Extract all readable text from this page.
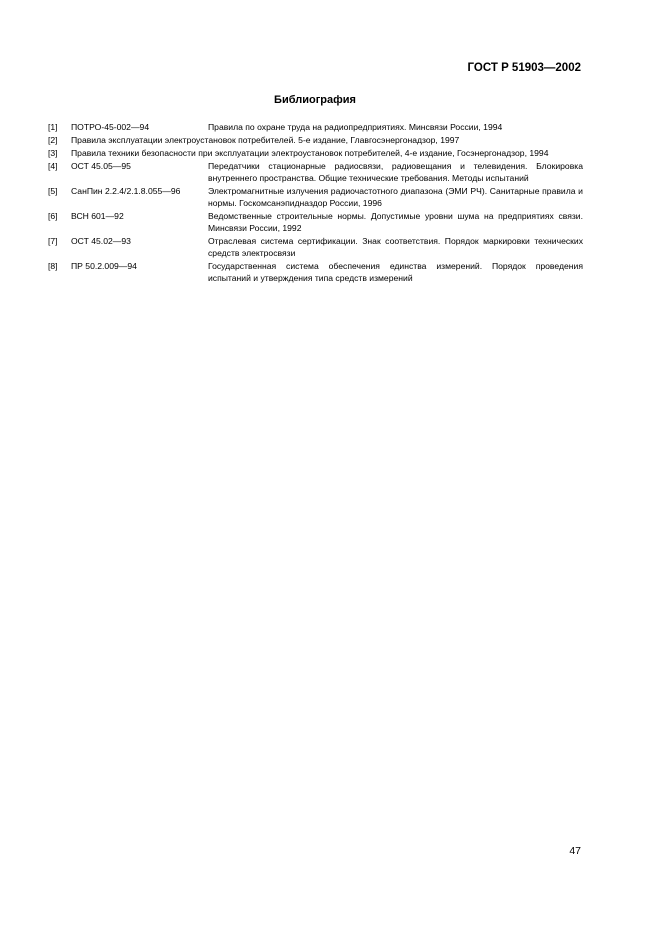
ГОСТ Р 51903—2002
Библиография
[1]	ПОТРО-45-002—94	Правила по охране труда на радиопредприятиях. Минсвязи России, 1994
[2]	Правила эксплуатации электроустановок потребителей. 5-е издание, Главгосэнергонадзор, 1997
[3]	Правила техники безопасности при эксплуатации электроустановок потребителей, 4-е издание, Госэнергонадзор, 1994
[4]	ОСТ 45.05—95	Передатчики стационарные радиосвязи, радиовещания и телевидения. Блокировка внутреннего пространства. Общие технические требования. Методы испытаний
[5]	СанПин 2.2.4/2.1.8.055—96	Электромагнитные излучения радиочастотного диапазона (ЭМИ РЧ). Санитарные правила и нормы. Госкомсанэпидназдор России, 1996
[6]	ВСН 601—92	Ведомственные строительные нормы. Допустимые уровни шума на предприятиях связи. Минсвязи России, 1992
[7]	ОСТ 45.02—93	Отраслевая система сертификации. Знак соответствия. Порядок маркировки технических средств электросвязи
[8]	ПР 50.2.009—94	Государственная система обеспечения единства измерений. Порядок проведения испытаний и утверждения типа средств измерений
47
